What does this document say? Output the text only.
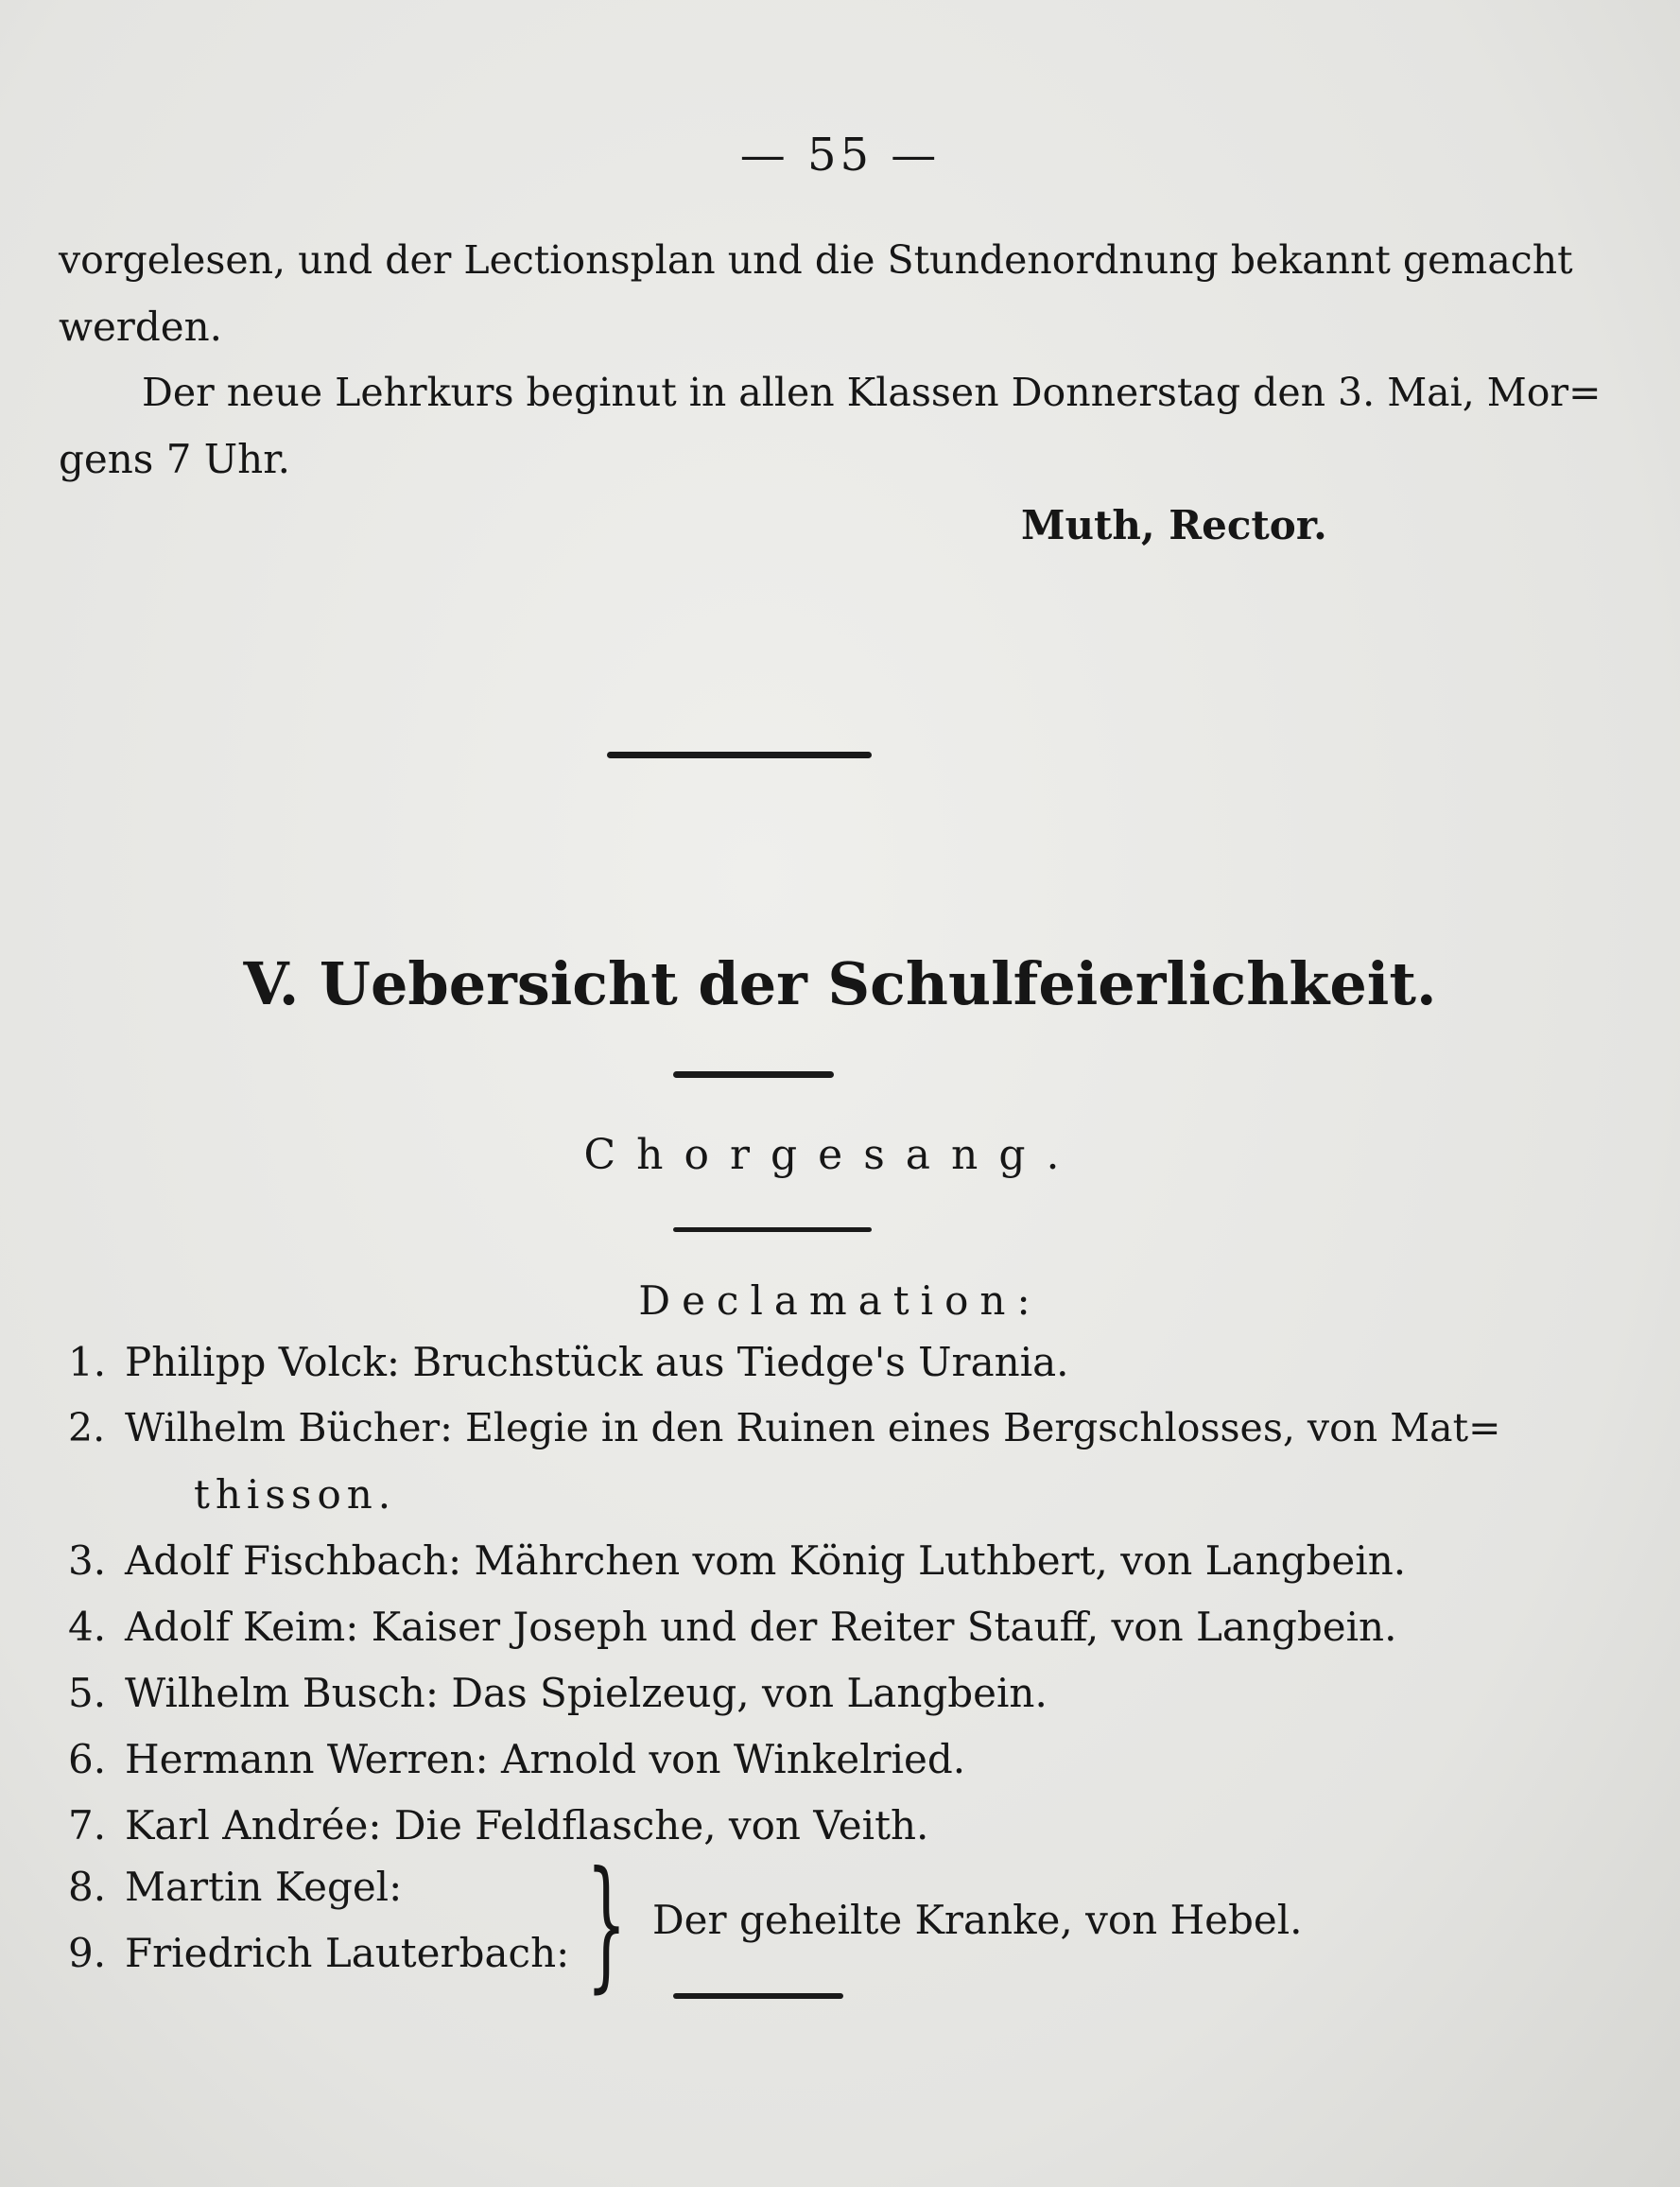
— 55 —
vorgelesen, und der Lectionsplan und die Stundenordnung bekannt gemacht
werden.
Der neue Lehrkurs beginut in allen Klassen Donnerstag den 3. Mai, Mor=
gens 7 Uhr.
Muth, Rector.
V. Uebersicht der Schulfeierlichkeit.
Chorgesang.
Declamation:
1. Philipp Volck: Bruchstück aus Tiedge's Urania.
2. Wilhelm Bücher: Elegie in den Ruinen eines Bergschlosses, von Mat=
thisson.
3. Adolf Fischbach: Mährchen vom König Luthbert, von Langbein.
4. Adolf Keim: Kaiser Joseph und der Reiter Stauff, von Langbein.
5. Wilhelm Busch: Das Spielzeug, von Langbein.
6. Hermann Werren: Arnold von Winkelried.
7. Karl Andrée: Die Feldflasche, von Veith.
8. Martin Kegel:
9. Friedrich Lauterbach: } Der geheilte Kranke, von Hebel.
